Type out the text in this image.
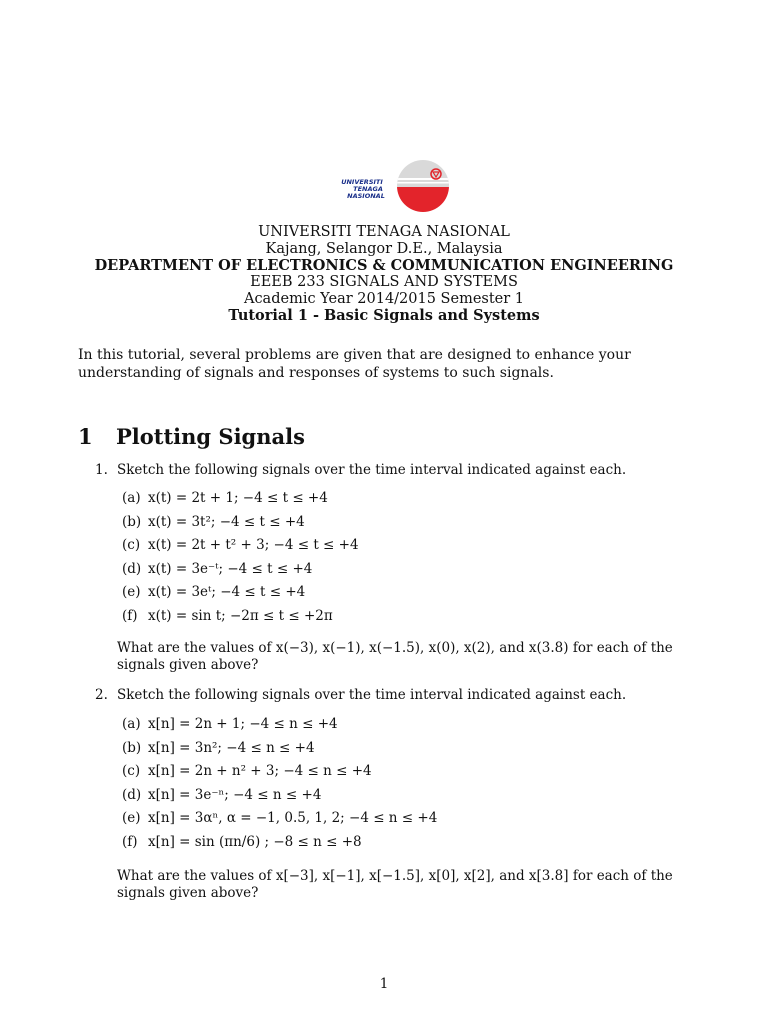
UNIVERSITI
TENAGA
NASIONAL
UNIVERSITI TENAGA NASIONAL
Kajang, Selangor D.E., Malaysia
DEPARTMENT OF ELECTRONICS & COMMUNICATION ENGINEERING
EEEB 233 SIGNALS AND SYSTEMS
Academic Year 2014/2015 Semester 1
Tutorial 1 - Basic Signals and Systems
In this tutorial, several problems are given that are designed to enhance your understanding of signals and responses of systems to such signals.
1 Plotting Signals
1. Sketch the following signals over the time interval indicated against each.
(a) x(t) = 2t + 1; −4 ≤ t ≤ +4
(b) x(t) = 3t²; −4 ≤ t ≤ +4
(c) x(t) = 2t + t² + 3; −4 ≤ t ≤ +4
(d) x(t) = 3e⁻ᵗ; −4 ≤ t ≤ +4
(e) x(t) = 3eᵗ; −4 ≤ t ≤ +4
(f) x(t) = sin t; −2π ≤ t ≤ +2π
What are the values of x(−3), x(−1), x(−1.5), x(0), x(2), and x(3.8) for each of the signals given above?
2. Sketch the following signals over the time interval indicated against each.
(a) x[n] = 2n + 1; −4 ≤ n ≤ +4
(b) x[n] = 3n²; −4 ≤ n ≤ +4
(c) x[n] = 2n + n² + 3; −4 ≤ n ≤ +4
(d) x[n] = 3e⁻ⁿ; −4 ≤ n ≤ +4
(e) x[n] = 3αⁿ, α = −1, 0.5, 1, 2; −4 ≤ n ≤ +4
(f) x[n] = sin (πn/6) ; −8 ≤ n ≤ +8
What are the values of x[−3], x[−1], x[−1.5], x[0], x[2], and x[3.8] for each of the signals given above?
1
